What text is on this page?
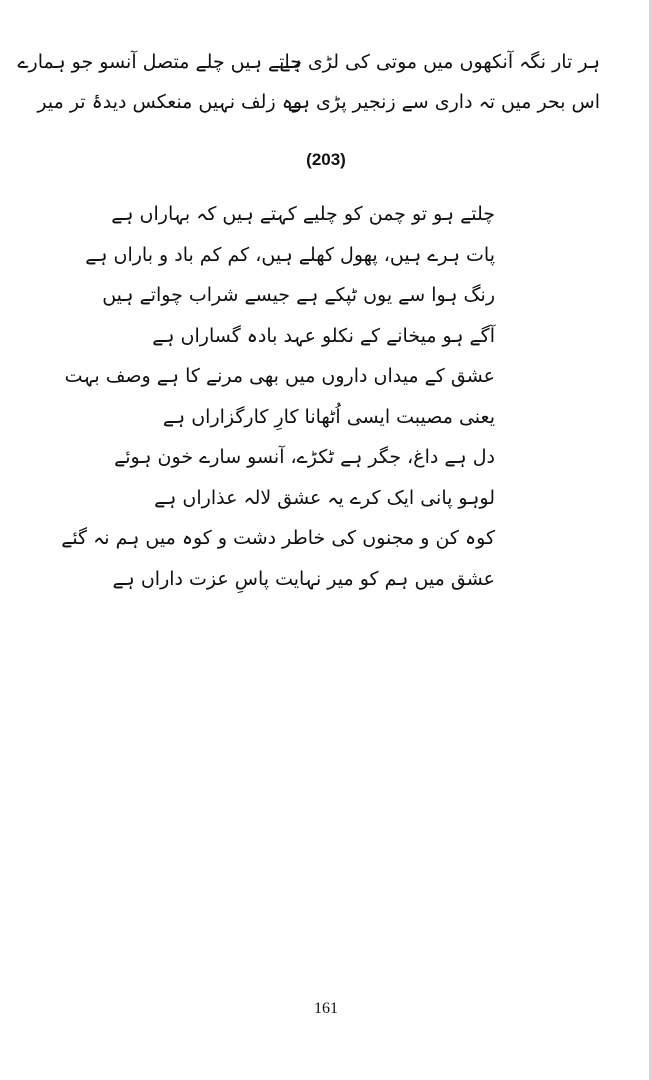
جاتے ہیں چلے متصل آنسو جو ہمارے
ہر تار نگہ آنکھوں میں موتی کی لڑی ہے
وہ زلف نہیں منعکس دیدۂ تر میر
اس بحر میں تہ داری سے زنجیر پڑی ہے
(203)
چلتے ہو تو چمن کو چلیے کہتے ہیں کہ بہاراں ہے
پات ہرے ہیں، پھول کھلے ہیں، کم کم باد و باراں ہے
رنگ ہوا سے یوں ٹپکے ہے جیسے شراب چواتے ہیں
آگے ہو میخانے کے نکلو عہد بادہ گساراں ہے
عشق کے میداں داروں میں بھی مرنے کا ہے وصف بہت
یعنی مصیبت ایسی اُٹھانا کارِ کارگزاراں ہے
دل ہے داغ، جگر ہے ٹکڑے، آنسو سارے خون ہوئے
لوہو پانی ایک کرے یہ عشق لالہ عذاراں ہے
کوہ کن و مجنوں کی خاطر دشت و کوہ میں ہم نہ گئے
عشق میں ہم کو میر نہایت پاسِ عزت داراں ہے
161
